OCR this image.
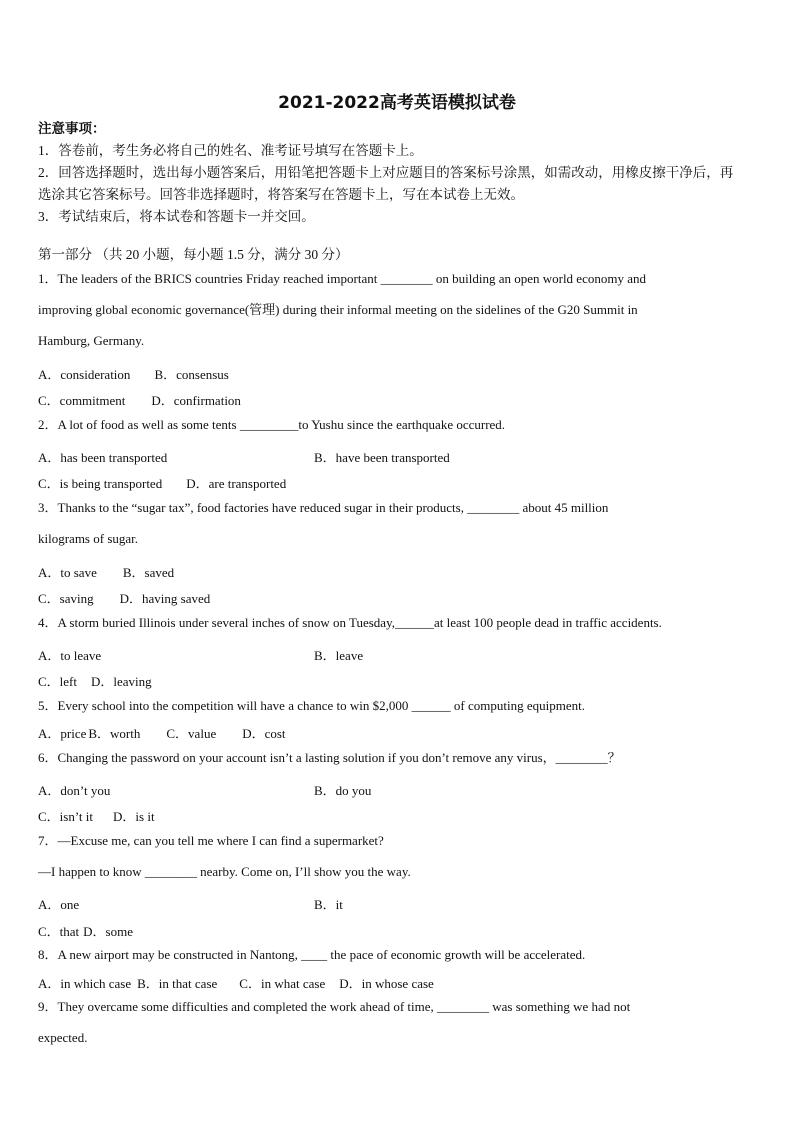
2021-2022高考英语模拟试卷
注意事项：
1．答卷前，考生务必将自己的姓名、准考证号填写在答题卡上。
2．回答选择题时，选出每小题答案后，用铅笔把答题卡上对应题目的答案标号涂黑，如需改动，用橡皮擦干净后，再
选涂其它答案标号。回答非选择题时，将答案写在答题卡上，写在本试卷上无效。
3．考试结束后，将本试卷和答题卡一并交回。
第一部分 （共 20 小题，每小题 1.5 分，满分 30 分）
1．The leaders of the BRICS countries Friday reached important ________ on building an open world economy and
improving global economic governance(管理) during their informal meeting on the sidelines of the G20 Summit in
Hamburg, Germany.
A．consideration B．consensus
C．commitment D．confirmation
2．A lot of food as well as some tents _________to Yushu since the earthquake occurred.
A．has been transported	B．have been transported
C．is being transported D．are transported
3．Thanks to the “sugar tax”, food factories have reduced sugar in their products, ________ about 45 million
kilograms of sugar.
A．to save B．saved
C．saving D．having saved
4．A storm buried Illinois under several inches of snow on Tuesday,______at least 100 people dead in traffic accidents.
A．to leave	B．leave
C．left D．leaving
5．Every school into the competition will have a chance to win $2,000 ______ of computing equipment.
A．price B．worth C．value D．cost
6．Changing the password on your account isn’t a lasting solution if you don’t remove any virus，________？
A．don’t you	B．do you
C．isn’t it D．is it
7．—Excuse me, can you tell me where I can find a supermarket?
—I happen to know ________ nearby. Come on, I’ll show you the way.
A．one	B．it
C．that D．some
8．A new airport may be constructed in Nantong, ____ the pace of economic growth will be accelerated.
A．in which case B．in that case C．in what case D．in whose case
9．They overcame some difficulties and completed the work ahead of time, ________ was something we had not
expected.
